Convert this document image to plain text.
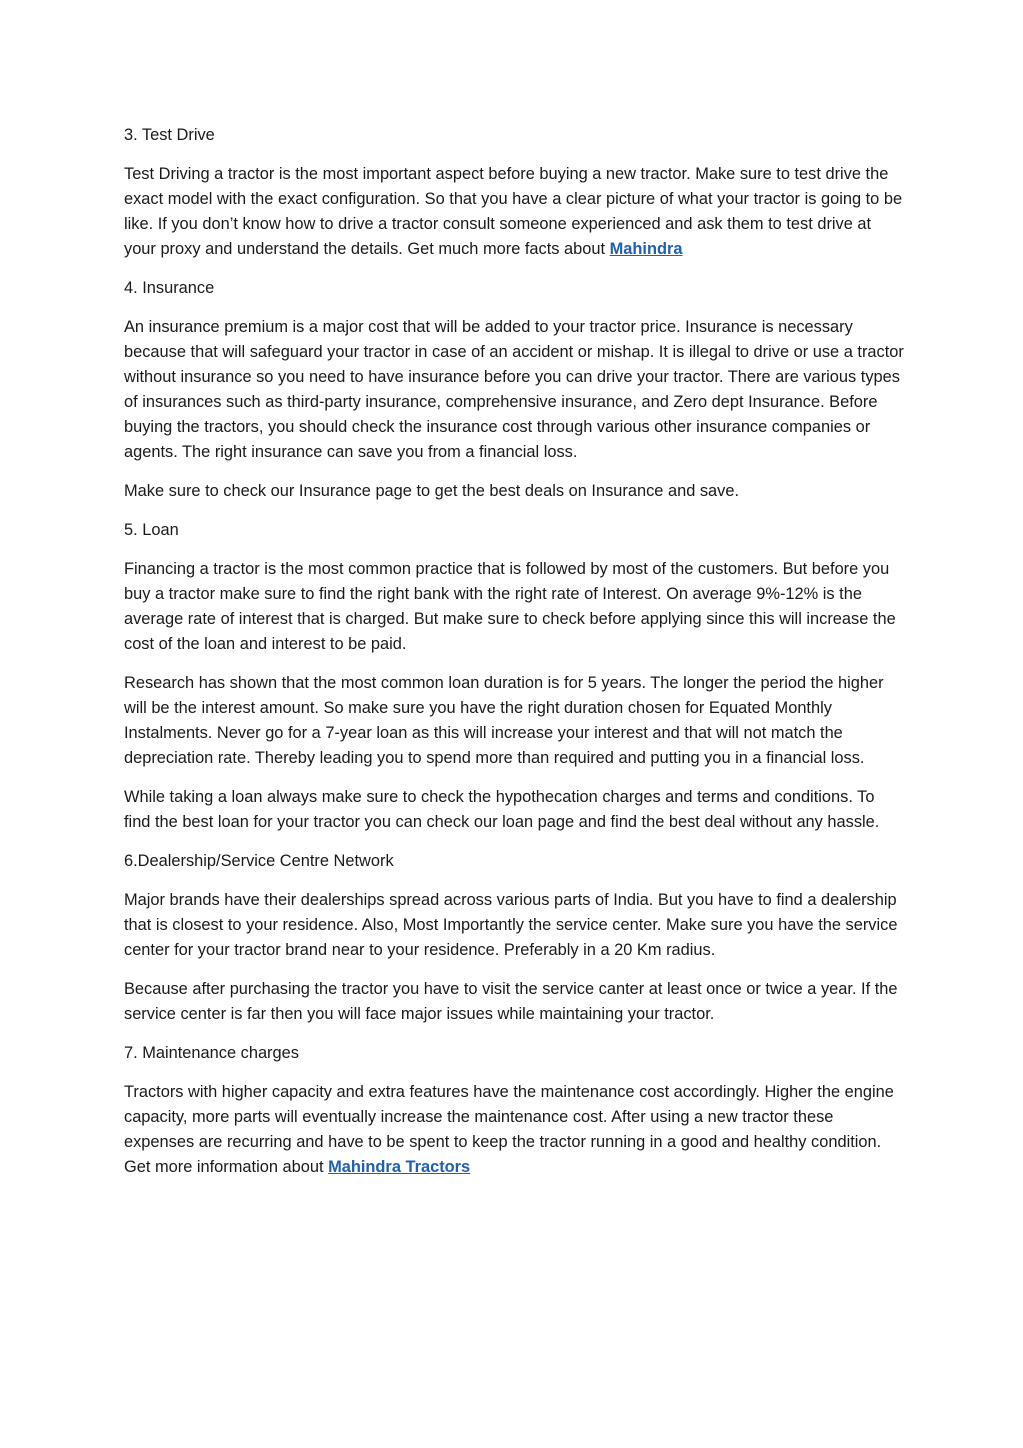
3. Test Drive

Test Driving a tractor is the most important aspect before buying a new tractor. Make sure to test drive the exact model with the exact configuration. So that you have a clear picture of what your tractor is going to be like. If you don’t know how to drive a tractor consult someone experienced and ask them to test drive at your proxy and understand the details. Get much more facts about Mahindra

4. Insurance

An insurance premium is a major cost that will be added to your tractor price. Insurance is necessary because that will safeguard your tractor in case of an accident or mishap. It is illegal to drive or use a tractor without insurance so you need to have insurance before you can drive your tractor. There are various types of insurances such as third-party insurance, comprehensive insurance, and Zero dept Insurance. Before buying the tractors, you should check the insurance cost through various other insurance companies or agents. The right insurance can save you from a financial loss.

Make sure to check our Insurance page to get the best deals on Insurance and save.

5. Loan

Financing a tractor is the most common practice that is followed by most of the customers. But before you buy a tractor make sure to find the right bank with the right rate of Interest. On average 9%-12% is the average rate of interest that is charged. But make sure to check before applying since this will increase the cost of the loan and interest to be paid.

Research has shown that the most common loan duration is for 5 years. The longer the period the higher will be the interest amount. So make sure you have the right duration chosen for Equated Monthly Instalments. Never go for a 7-year loan as this will increase your interest and that will not match the depreciation rate. Thereby leading you to spend more than required and putting you in a financial loss.

While taking a loan always make sure to check the hypothecation charges and terms and conditions. To find the best loan for your tractor you can check our loan page and find the best deal without any hassle.

6.Dealership/Service Centre Network

Major brands have their dealerships spread across various parts of India. But you have to find a dealership that is closest to your residence. Also, Most Importantly the service center. Make sure you have the service center for your tractor brand near to your residence. Preferably in a 20 Km radius.

Because after purchasing the tractor you have to visit the service canter at least once or twice a year. If the service center is far then you will face major issues while maintaining your tractor.

7. Maintenance charges

Tractors with higher capacity and extra features have the maintenance cost accordingly. Higher the engine capacity, more parts will eventually increase the maintenance cost. After using a new tractor these expenses are recurring and have to be spent to keep the tractor running in a good and healthy condition. Get more information about Mahindra Tractors
